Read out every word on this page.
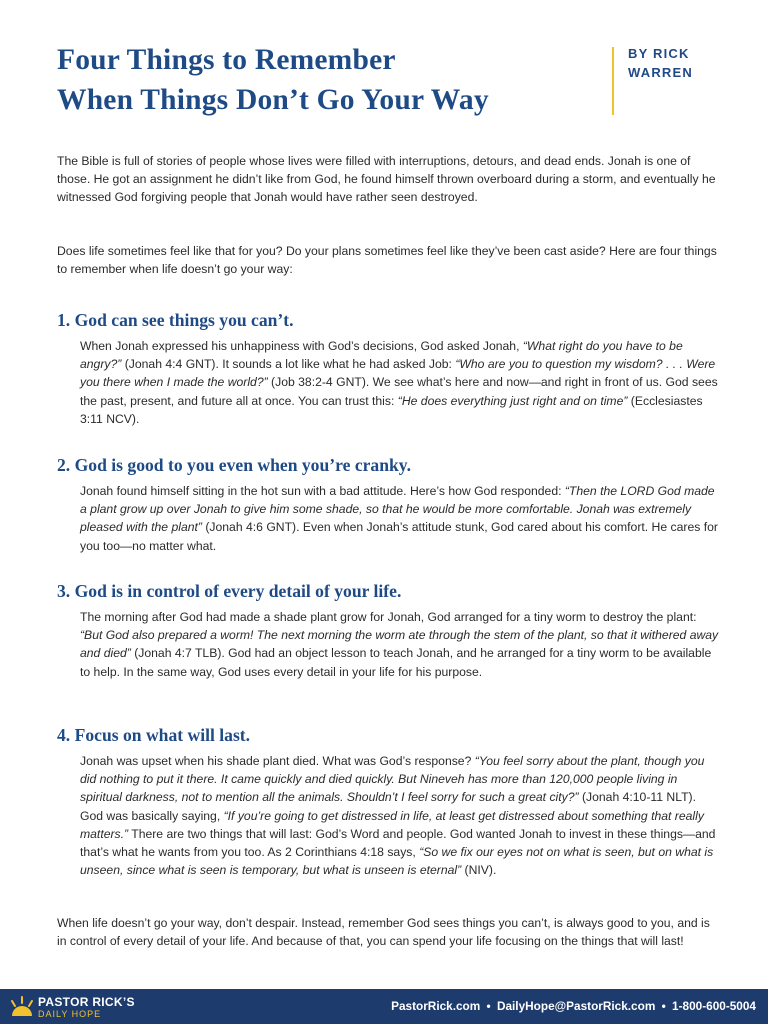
Four Things to Remember
When Things Don’t Go Your Way
BY RICK
WARREN

The Bible is full of stories of people whose lives were filled with interruptions, detours, and dead ends. Jonah is one of those. He got an assignment he didn’t like from God, he found himself thrown overboard during a storm, and eventually he witnessed God forgiving people that Jonah would have rather seen destroyed.

Does life sometimes feel like that for you? Do your plans sometimes feel like they’ve been cast aside? Here are four things to remember when life doesn’t go your way:

1. God can see things you can’t.

When Jonah expressed his unhappiness with God’s decisions, God asked Jonah, “What right do you have to be angry?” (Jonah 4:4 GNT). It sounds a lot like what he had asked Job: “Who are you to question my wisdom? . . . Were you there when I made the world?” (Job 38:2-4 GNT). We see what’s here and now—and right in front of us. God sees the past, present, and future all at once. You can trust this: “He does everything just right and on time” (Ecclesiastes 3:11 NCV).

2. God is good to you even when you’re cranky.

Jonah found himself sitting in the hot sun with a bad attitude. Here’s how God responded: “Then the LORD God made a plant grow up over Jonah to give him some shade, so that he would be more comfortable. Jonah was extremely pleased with the plant” (Jonah 4:6 GNT). Even when Jonah’s attitude stunk, God cared about his comfort. He cares for you too—no matter what.

3. God is in control of every detail of your life.

The morning after God had made a shade plant grow for Jonah, God arranged for a tiny worm to destroy the plant: “But God also prepared a worm! The next morning the worm ate through the stem of the plant, so that it withered away and died” (Jonah 4:7 TLB). God had an object lesson to teach Jonah, and he arranged for a tiny worm to be available to help. In the same way, God uses every detail in your life for his purpose.

4. Focus on what will last.

Jonah was upset when his shade plant died. What was God’s response? “You feel sorry about the plant, though you did nothing to put it there. It came quickly and died quickly. But Nineveh has more than 120,000 people living in spiritual darkness, not to mention all the animals. Shouldn’t I feel sorry for such a great city?” (Jonah 4:10-11 NLT). God was basically saying, “If you’re going to get distressed in life, at least get distressed about something that really matters.” There are two things that will last: God’s Word and people. God wanted Jonah to invest in these things—and that’s what he wants from you too. As 2 Corinthians 4:18 says, “So we fix our eyes not on what is seen, but on what is unseen, since what is seen is temporary, but what is unseen is eternal” (NIV).

When life doesn’t go your way, don’t despair. Instead, remember God sees things you can’t, is always good to you, and is in control of every detail of your life. And because of that, you can spend your life focusing on the things that will last!

PASTOR RICK’S
DAILY HOPE
PastorRick.com • DailyHope@PastorRick.com • 1-800-600-5004
